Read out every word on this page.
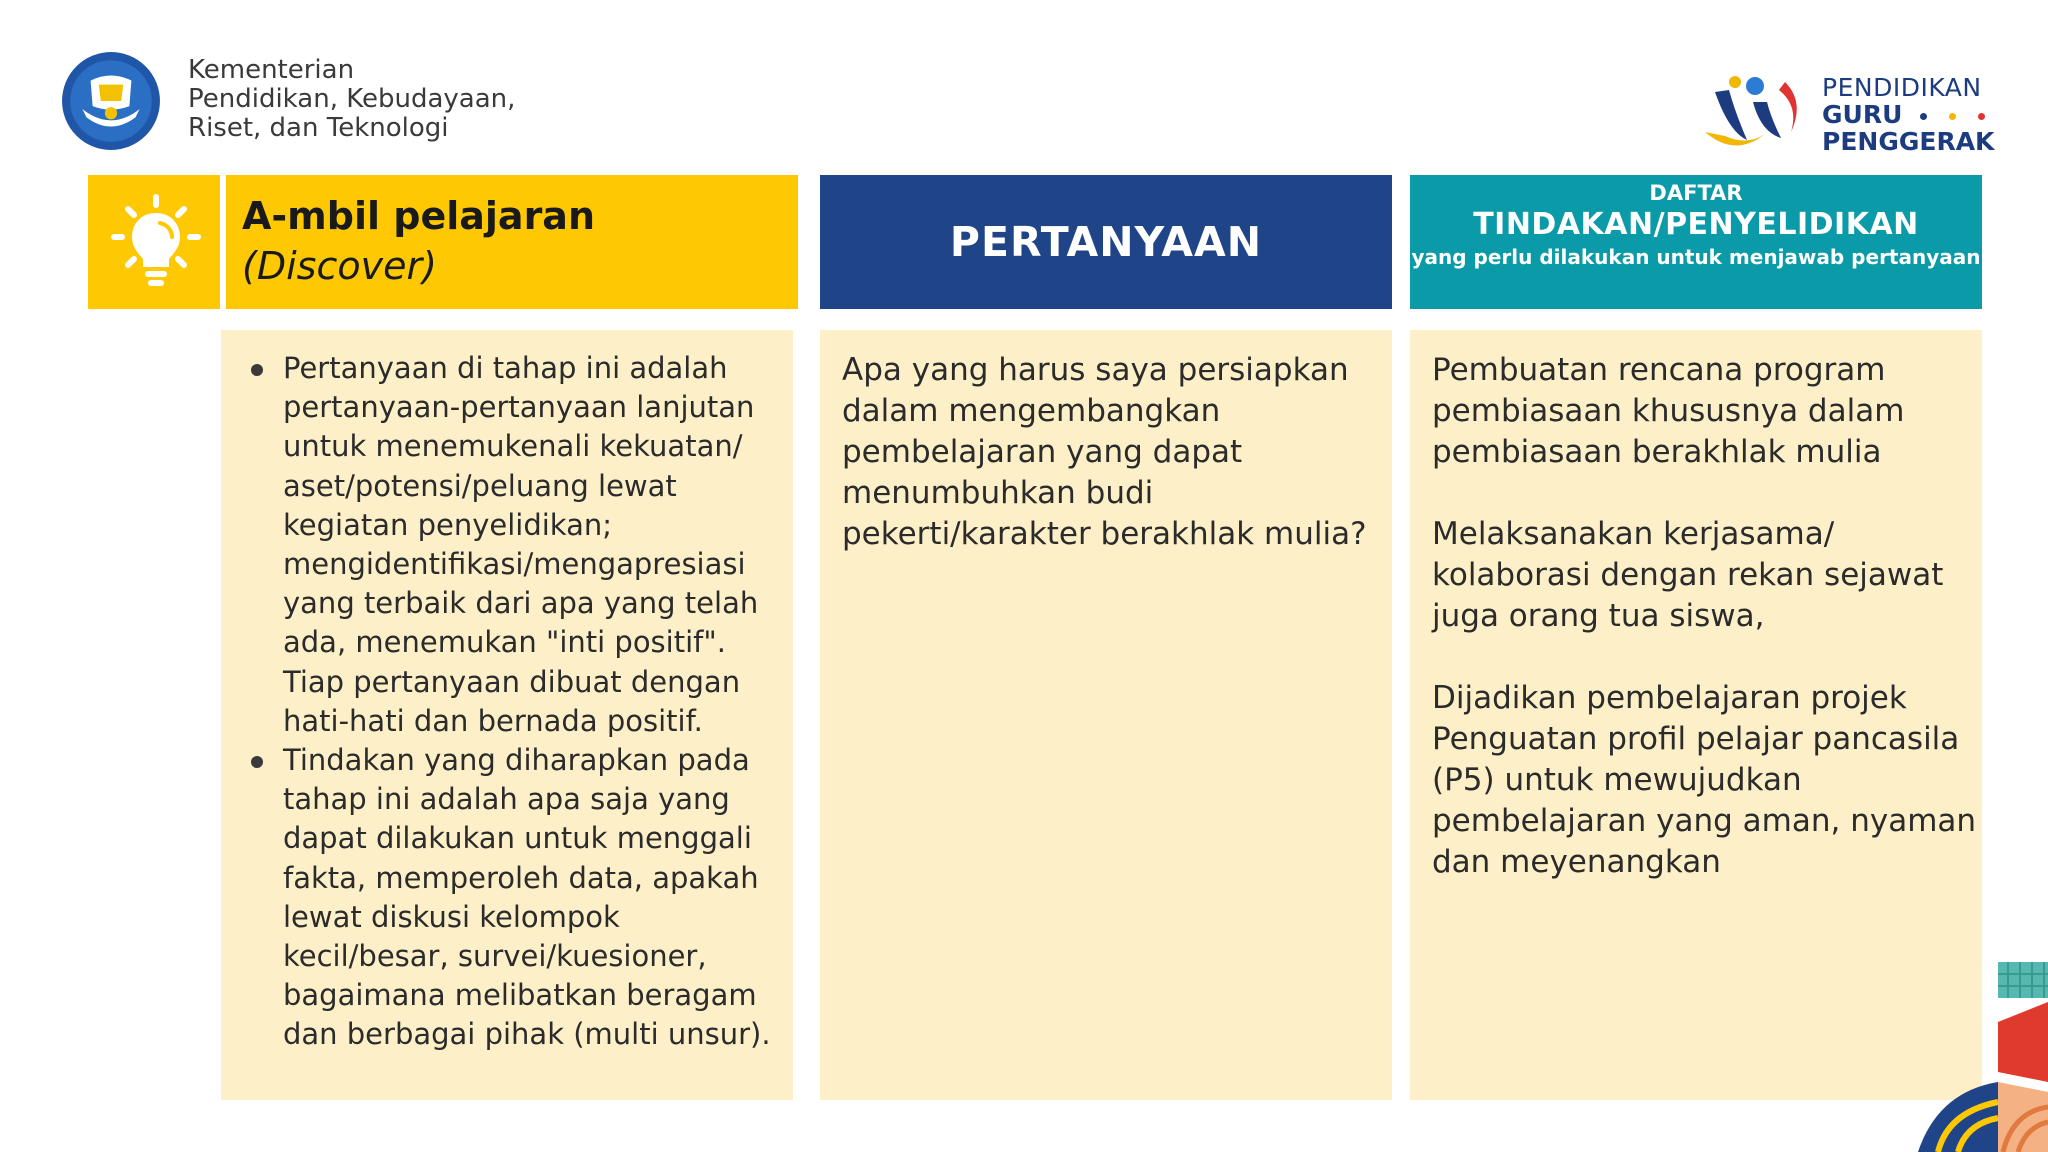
Kementerian
Pendidikan, Kebudayaan,
Riset, dan Teknologi
PENDIDIKAN
GURU
PENGGERAK
A-mbil pelajaran
(Discover)	PERTANYAAN
DAFTAR
TINDAKAN/PENYELIDIKAN
yang perlu dilakukan untuk menjawab pertanyaan
Pertanyaan di tahap ini adalah pertanyaan-pertanyaan lanjutan untuk menemukenali kekuatan/ aset/potensi/peluang lewat kegiatan penyelidikan; mengidentifikasi/mengapresiasi yang terbaik dari apa yang telah ada, menemukan "inti positif". Tiap pertanyaan dibuat dengan hati-hati dan bernada positif.
Tindakan yang diharapkan pada tahap ini adalah apa saja yang dapat dilakukan untuk menggali fakta, memperoleh data, apakah lewat diskusi kelompok kecil/besar, survei/kuesioner, bagaimana melibatkan beragam dan berbagai pihak (multi unsur).
Apa yang harus saya persiapkan dalam mengembangkan pembelajaran yang dapat menumbuhkan budi pekerti/karakter berakhlak mulia?

Pembuatan rencana program pembiasaan khususnya dalam pembiasaan berakhlak mulia

Melaksanakan kerjasama/ kolaborasi dengan rekan sejawat juga orang tua siswa,

Dijadikan pembelajaran projek Penguatan profil pelajar pancasila (P5) untuk mewujudkan pembelajaran yang aman, nyaman dan meyenangkan
